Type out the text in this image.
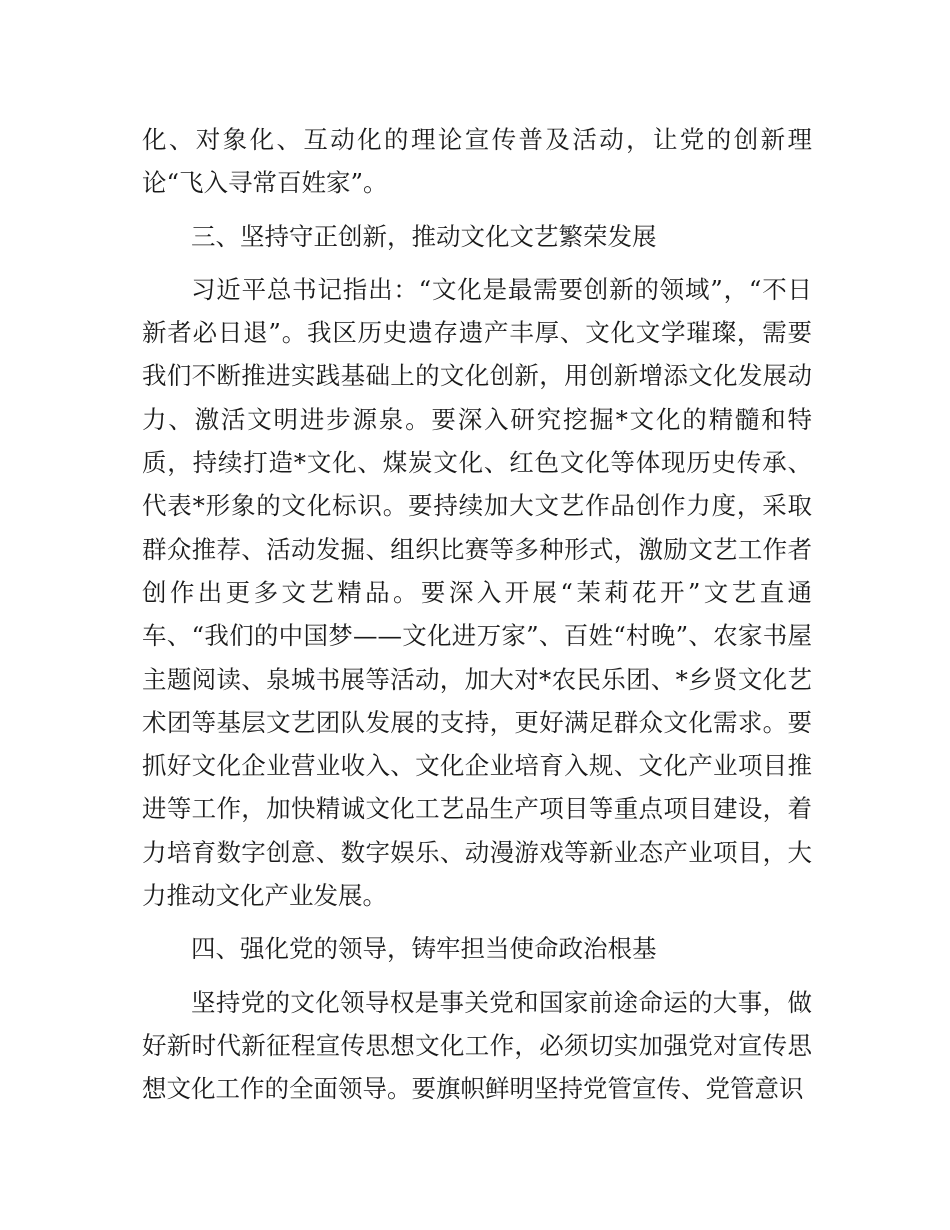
化、对象化、互动化的理论宣传普及活动，让党的创新理论“飞入寻常百姓家”。

三、坚持守正创新，推动文化文艺繁荣发展

习近平总书记指出：“文化是最需要创新的领域”，“不日新者必日退”。我区历史遗存遗产丰厚、文化文学璀璨，需要我们不断推进实践基础上的文化创新，用创新增添文化发展动力、激活文明进步源泉。要深入研究挖掘*文化的精髓和特质，持续打造*文化、煤炭文化、红色文化等体现历史传承、代表*形象的文化标识。要持续加大文艺作品创作力度，采取群众推荐、活动发掘、组织比赛等多种形式，激励文艺工作者创作出更多文艺精品。要深入开展“茉莉花开”文艺直通车、“我们的中国梦——文化进万家”、百姓“村晚”、农家书屋主题阅读、泉城书展等活动，加大对*农民乐团、*乡贤文化艺术团等基层文艺团队发展的支持，更好满足群众文化需求。要抓好文化企业营业收入、文化企业培育入规、文化产业项目推进等工作，加快精诚文化工艺品生产项目等重点项目建设，着力培育数字创意、数字娱乐、动漫游戏等新业态产业项目，大力推动文化产业发展。

四、强化党的领导，铸牢担当使命政治根基

坚持党的文化领导权是事关党和国家前途命运的大事，做好新时代新征程宣传思想文化工作，必须切实加强党对宣传思想文化工作的全面领导。要旗帜鲜明坚持党管宣传、党管意识
